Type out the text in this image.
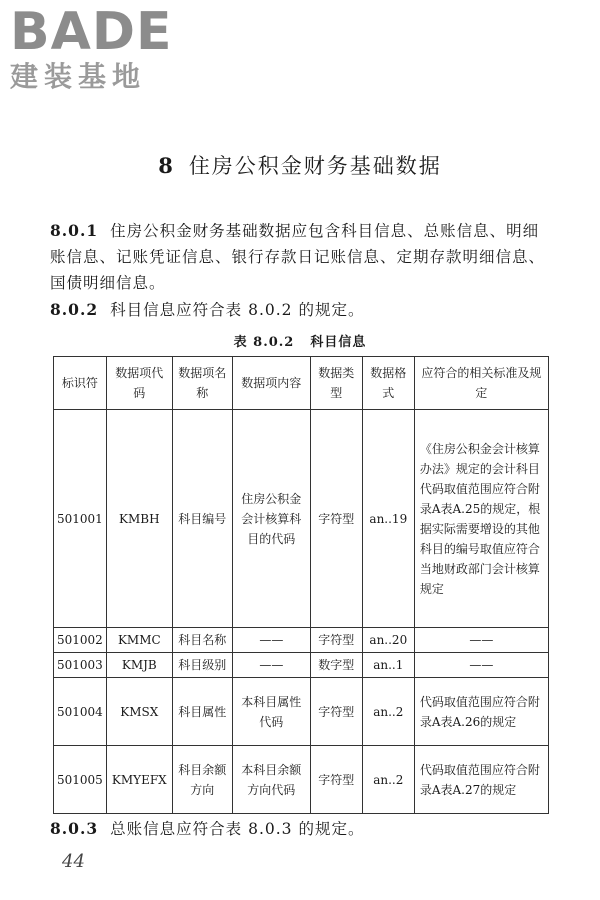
BADE
建装基地
8 住房公积金财务基础数据
8.0.1 住房公积金财务基础数据应包含科目信息、总账信息、明细账信息、记账凭证信息、银行存款日记账信息、定期存款明细信息、国债明细信息。
8.0.2 科目信息应符合表 8.0.2 的规定。
表 8.0.2 科目信息
标识符	数据项代码	数据项名称	数据项内容	数据类型	数据格式	应符合的相关标准及规定
501001	KMBH	科目编号	住房公积金会计核算科目的代码	字符型	an..19	《住房公积金会计核算办法》规定的会计科目代码取值范围应符合附录A表A.25的规定，根据实际需要增设的其他科目的编号取值应符合当地财政部门会计核算规定
501002	KMMC	科目名称	——	字符型	an..20	——
501003	KMJB	科目级别	——	数字型	an..1	——
501004	KMSX	科目属性	本科目属性代码	字符型	an..2	代码取值范围应符合附录A表A.26的规定
501005	KMYEFX	科目余额方向	本科目余额方向代码	字符型	an..2	代码取值范围应符合附录A表A.27的规定
8.0.3 总账信息应符合表 8.0.3 的规定。
44
